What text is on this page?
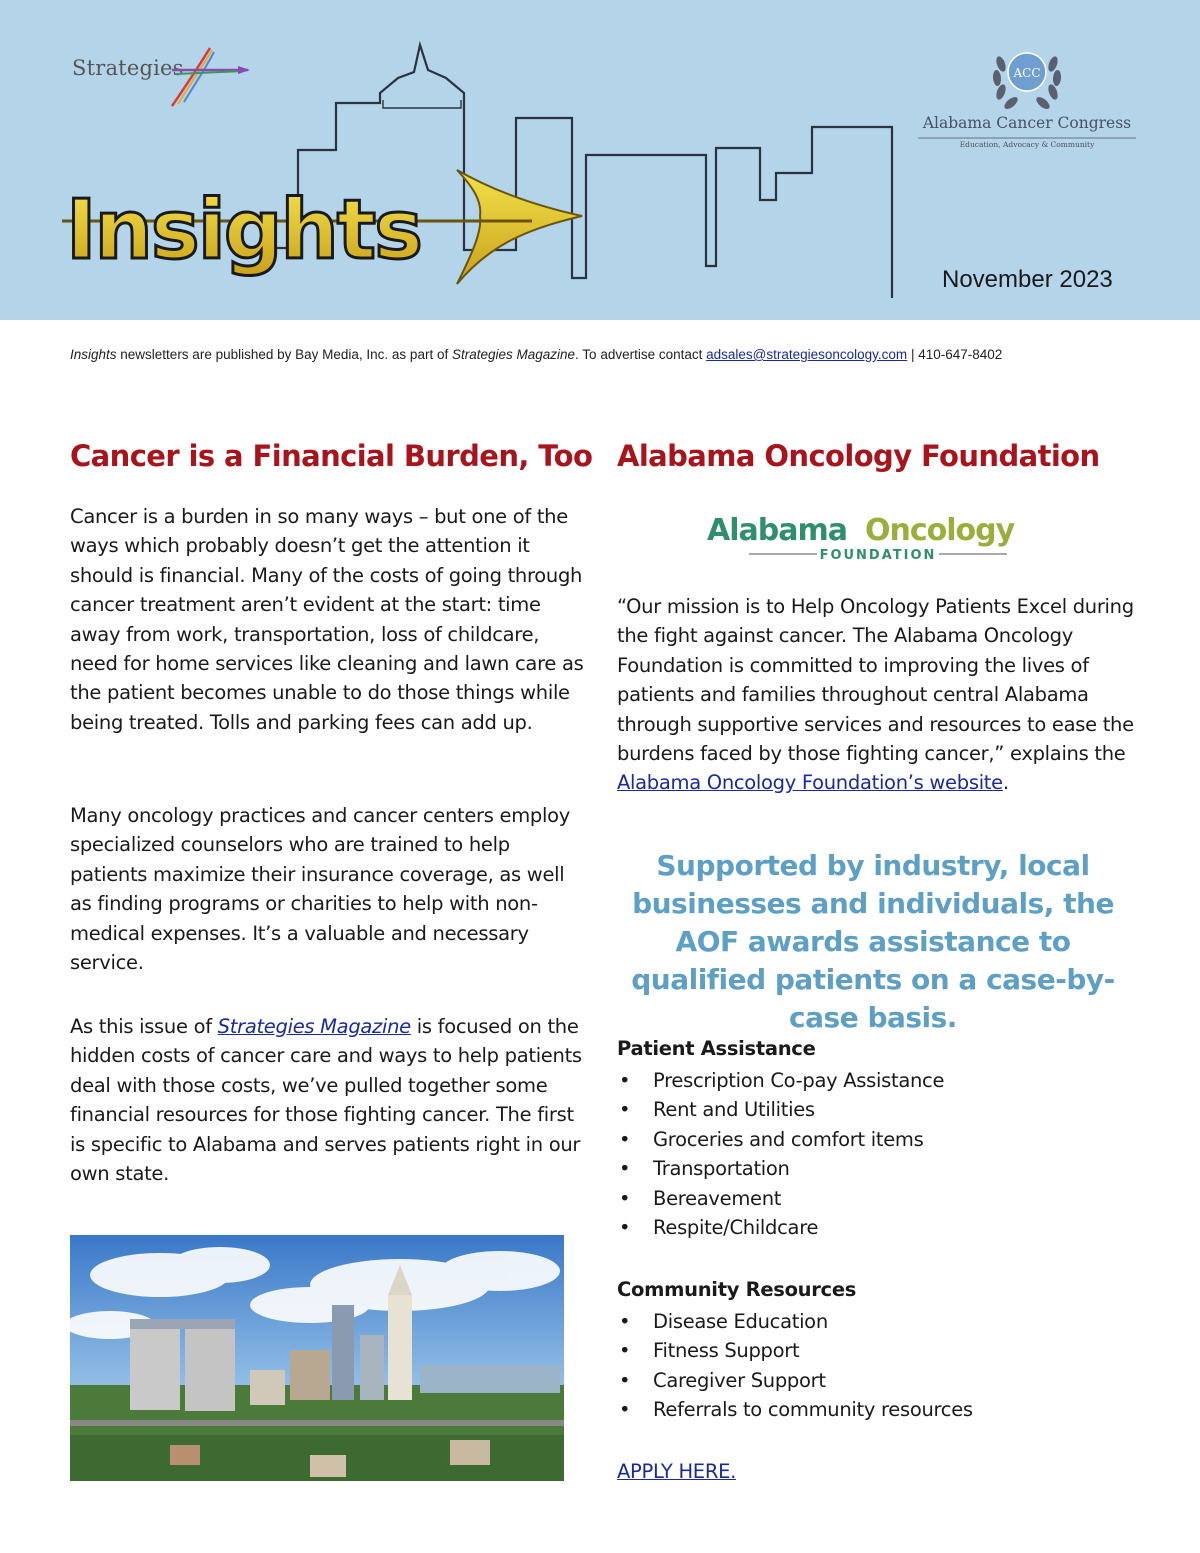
Strategies
Insights
ACC
Alabama Cancer Congress
Education, Advocacy & Community
November 2023
Insights newsletters are published by Bay Media, Inc. as part of Strategies Magazine. To advertise contact adsales@strategiesoncology.com | 410-647-8402
Cancer is a Financial Burden, Too

Cancer is a burden in so many ways – but one of the ways which probably doesn’t get the attention it should is financial. Many of the costs of going through cancer treatment aren’t evident at the start: time away from work, transportation, loss of childcare, need for home services like cleaning and lawn care as the patient becomes unable to do those things while being treated. Tolls and parking fees can add up.

Many oncology practices and cancer centers employ specialized counselors who are trained to help patients maximize their insurance coverage, as well as finding programs or charities to help with non-medical expenses. It’s a valuable and necessary service.

As this issue of Strategies Magazine is focused on the hidden costs of cancer care and ways to help patients deal with those costs, we’ve pulled together some financial resources for those fighting cancer. The first is specific to Alabama and serves patients right in our own state.

Alabama Oncology Foundation
Alabama Oncology
FOUNDATION

“Our mission is to Help Oncology Patients Excel during the fight against cancer. The Alabama Oncology Foundation is committed to improving the lives of patients and families throughout central Alabama through supportive services and resources to ease the burdens faced by those fighting cancer,” explains the Alabama Oncology Foundation’s website.

Supported by industry, local businesses and individuals, the AOF awards assistance to qualified patients on a case-by-case basis.
Patient Assistance
• Prescription Co-pay Assistance
• Rent and Utilities
• Groceries and comfort items
• Transportation
• Bereavement
• Respite/Childcare
Community Resources
• Disease Education
• Fitness Support
• Caregiver Support
• Referrals to community resources
APPLY HERE.
